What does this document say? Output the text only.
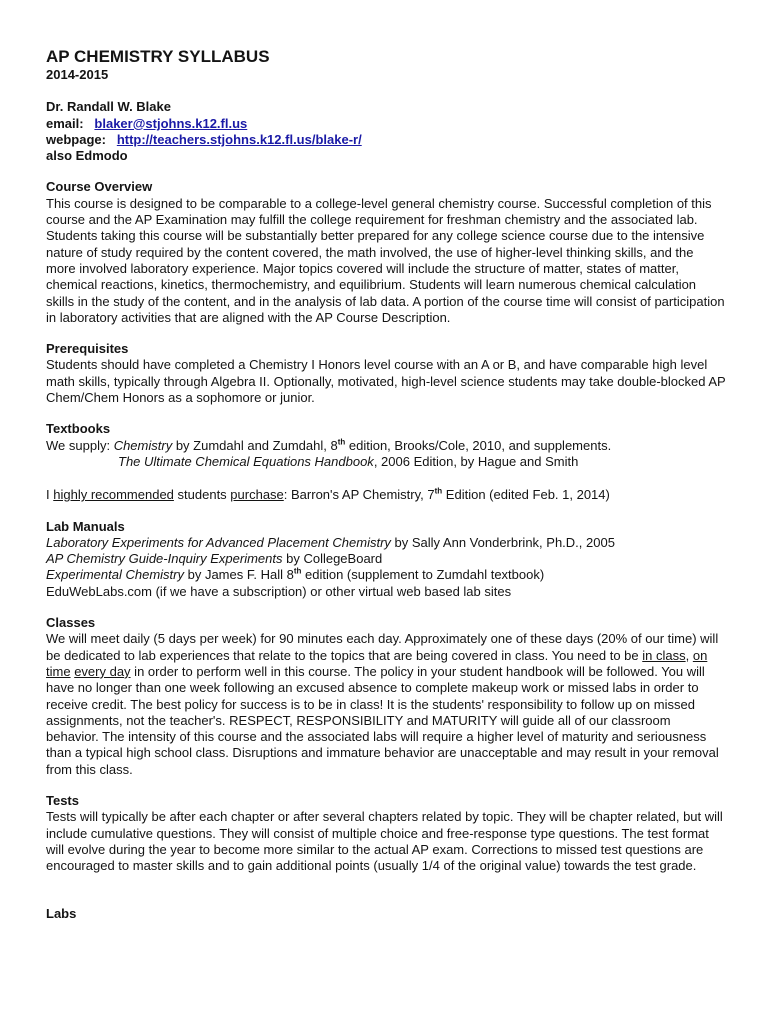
AP CHEMISTRY SYLLABUS
2014-2015
Dr. Randall W. Blake
email: blaker@stjohns.k12.fl.us
webpage: http://teachers.stjohns.k12.fl.us/blake-r/
also Edmodo
Course Overview

This course is designed to be comparable to a college-level general chemistry course. Successful completion of this course and the AP Examination may fulfill the college requirement for freshman chemistry and the associated lab. Students taking this course will be substantially better prepared for any college science course due to the intensive nature of study required by the content covered, the math involved, the use of higher-level thinking skills, and the more involved laboratory experience. Major topics covered will include the structure of matter, states of matter, chemical reactions, kinetics, thermochemistry, and equilibrium. Students will learn numerous chemical calculation skills in the study of the content, and in the analysis of lab data. A portion of the course time will consist of participation in laboratory activities that are aligned with the AP Course Description.

Prerequisites

Students should have completed a Chemistry I Honors level course with an A or B, and have comparable high level math skills, typically through Algebra II. Optionally, motivated, high-level science students may take double-blocked AP Chem/Chem Honors as a sophomore or junior.

Textbooks
We supply: Chemistry by Zumdahl and Zumdahl, 8th edition, Brooks/Cole, 2010, and supplements.
The Ultimate Chemical Equations Handbook, 2006 Edition, by Hague and Smith
I highly recommended students purchase: Barron's AP Chemistry, 7th Edition (edited Feb. 1, 2014)
Lab Manuals
Laboratory Experiments for Advanced Placement Chemistry by Sally Ann Vonderbrink, Ph.D., 2005
AP Chemistry Guide-Inquiry Experiments by CollegeBoard
Experimental Chemistry by James F. Hall 8th edition (supplement to Zumdahl textbook)
EduWebLabs.com (if we have a subscription) or other virtual web based lab sites
Classes

We will meet daily (5 days per week) for 90 minutes each day. Approximately one of these days (20% of our time) will be dedicated to lab experiences that relate to the topics that are being covered in class. You need to be in class, on time every day in order to perform well in this course. The policy in your student handbook will be followed. You will have no longer than one week following an excused absence to complete makeup work or missed labs in order to receive credit. The best policy for success is to be in class! It is the students' responsibility to follow up on missed assignments, not the teacher's. RESPECT, RESPONSIBILITY and MATURITY will guide all of our classroom behavior. The intensity of this course and the associated labs will require a higher level of maturity and seriousness than a typical high school class. Disruptions and immature behavior are unacceptable and may result in your removal from this class.

Tests

Tests will typically be after each chapter or after several chapters related by topic. They will be chapter related, but will include cumulative questions. They will consist of multiple choice and free-response type questions. The test format will evolve during the year to become more similar to the actual AP exam. Corrections to missed test questions are encouraged to master skills and to gain additional points (usually 1/4 of the original value) towards the test grade.

Labs
